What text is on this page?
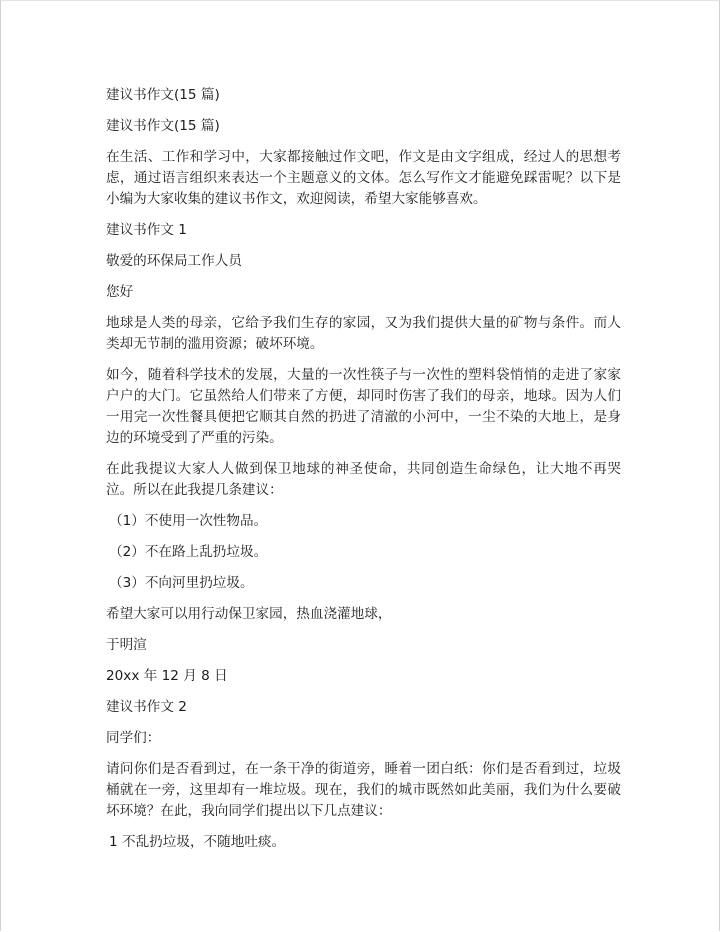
建议书作文(15 篇)

建议书作文(15 篇)

在生活、工作和学习中，大家都接触过作文吧，作文是由文字组成，经过人的思想考虑，通过语言组织来表达一个主题意义的文体。怎么写作文才能避免踩雷呢？以下是小编为大家收集的建议书作文，欢迎阅读，希望大家能够喜欢。

建议书作文 1

敬爱的环保局工作人员

您好

地球是人类的母亲，它给予我们生存的家园，又为我们提供大量的矿物与条件。而人类却无节制的滥用资源；破坏环境。

如今，随着科学技术的发展，大量的一次性筷子与一次性的塑料袋悄悄的走进了家家户户的大门。它虽然给人们带来了方便，却同时伤害了我们的母亲，地球。因为人们一用完一次性餐具便把它顺其自然的扔进了清澈的小河中，一尘不染的大地上，是身边的环境受到了严重的污染。

在此我提议大家人人做到保卫地球的神圣使命，共同创造生命绿色，让大地不再哭泣。所以在此我提几条建议：

（1）不使用一次性物品。

（2）不在路上乱扔垃圾。

（3）不向河里扔垃圾。

希望大家可以用行动保卫家园，热血浇灌地球，

于明渲

20xx 年 12 月 8 日

建议书作文 2

同学们：

请问你们是否看到过，在一条干净的街道旁，睡着一团白纸：你们是否看到过，垃圾桶就在一旁，这里却有一堆垃圾。现在，我们的城市既然如此美丽，我们为什么要破坏环境？在此，我向同学们提出以下几点建议：

1 不乱扔垃圾，不随地吐痰。
